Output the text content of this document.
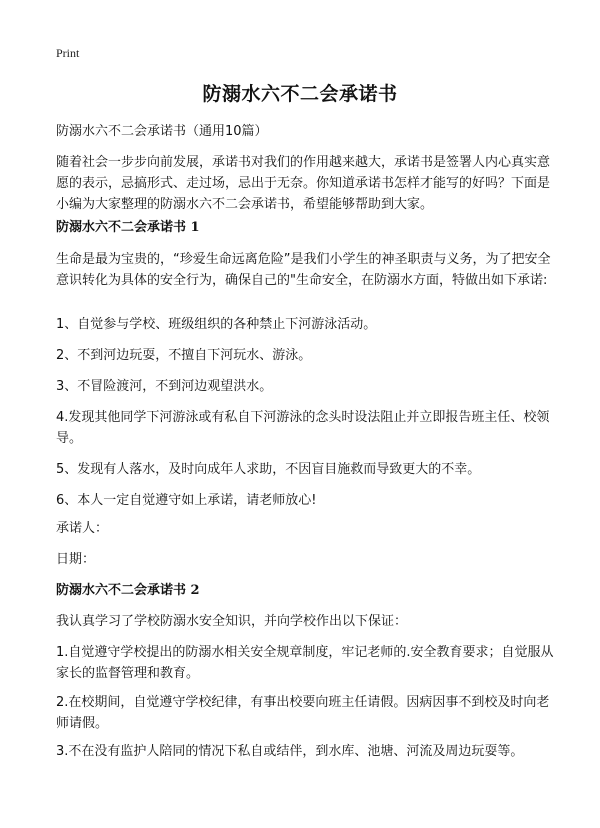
Print
防溺水六不二会承诺书

防溺水六不二会承诺书（通用10篇）

随着社会一步步向前发展，承诺书对我们的作用越来越大，承诺书是签署人内心真实意愿的表示，忌搞形式、走过场，忌出于无奈。你知道承诺书怎样才能写的好吗？下面是小编为大家整理的防溺水六不二会承诺书，希望能够帮助到大家。

防溺水六不二会承诺书 1

生命是最为宝贵的，“珍爱生命远离危险”是我们小学生的神圣职责与义务，为了把安全意识转化为具体的安全行为，确保自己的"生命安全，在防溺水方面，特做出如下承诺:

1、自觉参与学校、班级组织的各种禁止下河游泳活动。

2、不到河边玩耍，不擅自下河玩水、游泳。

3、不冒险渡河，不到河边观望洪水。

4.发现其他同学下河游泳或有私自下河游泳的念头时设法阻止并立即报告班主任、校领导。

5、发现有人落水，及时向成年人求助，不因盲目施救而导致更大的不幸。

6、本人一定自觉遵守如上承诺，请老师放心!

承诺人：

日期：

防溺水六不二会承诺书 2

我认真学习了学校防溺水安全知识，并向学校作出以下保证：

1.自觉遵守学校提出的防溺水相关安全规章制度，牢记老师的.安全教育要求；自觉服从家长的监督管理和教育。

2.在校期间，自觉遵守学校纪律，有事出校要向班主任请假。因病因事不到校及时向老师请假。

3.不在没有监护人陪同的情况下私自或结伴，到水库、池塘、河流及周边玩耍等。
